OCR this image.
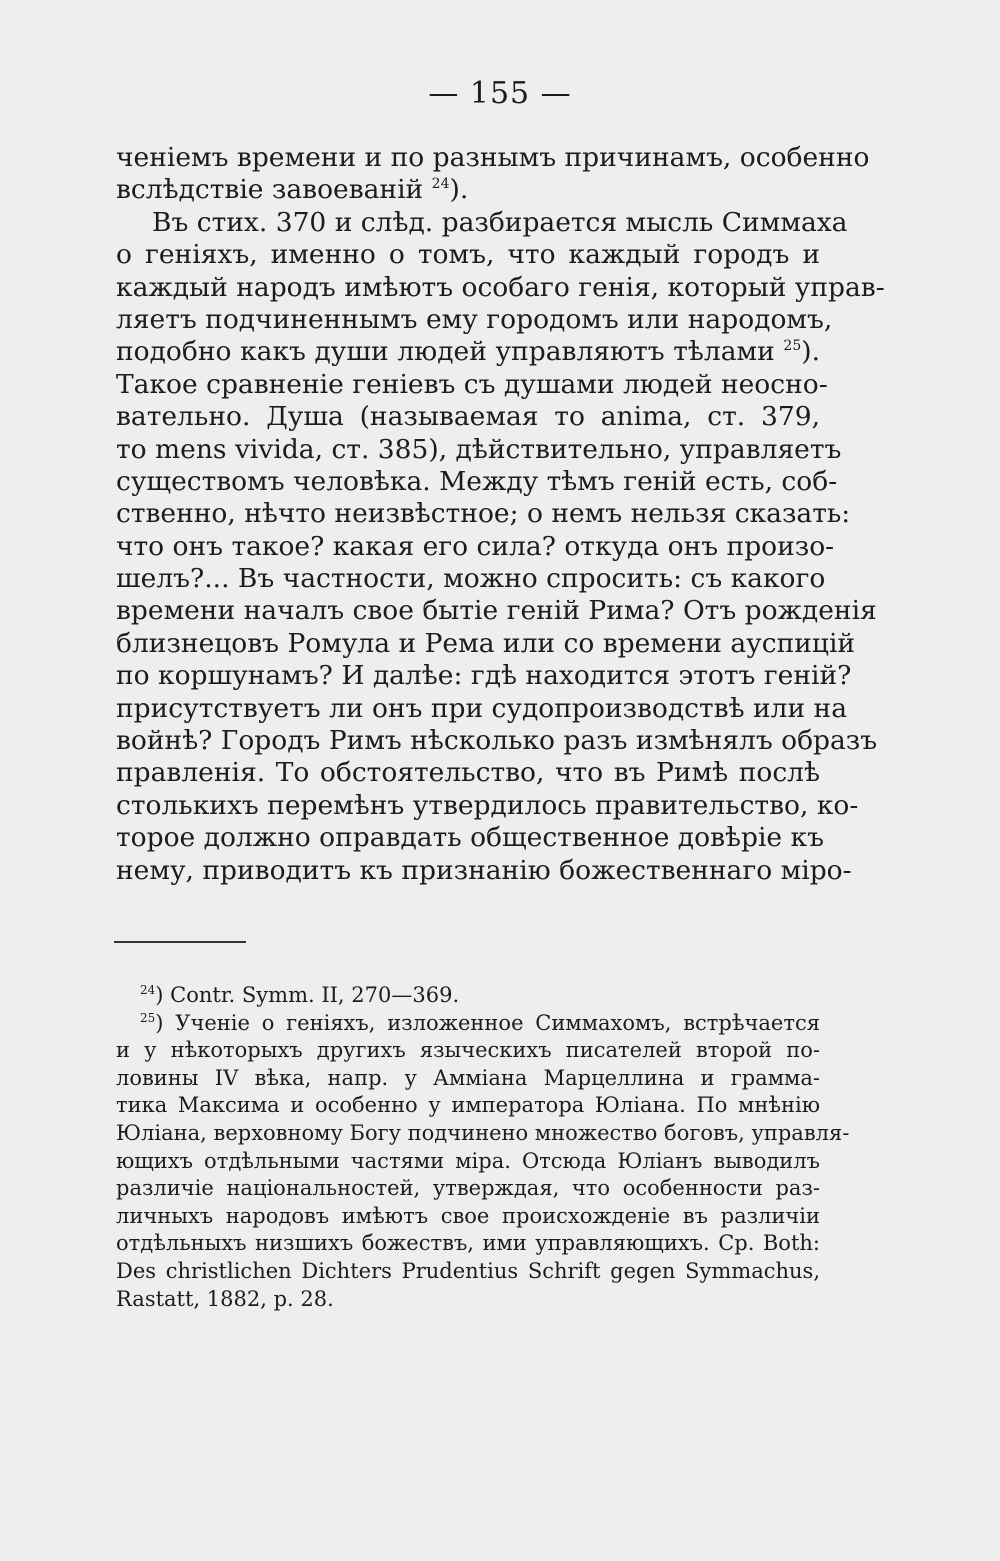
— 155 —
ченіемъ времени и по разнымъ причинамъ, особенно
вслѣдствіе завоеваній $^{24}$).
Въ стих. 370 и слѣд. разбирается мысль Симмаха
о геніяхъ, именно о томъ, что каждый городъ и
каждый народъ имѣютъ особаго генія, который управ-
ляетъ подчиненнымъ ему городомъ или народомъ,
подобно какъ души людей управляютъ тѣлами $^{25}$).
Такое сравненіе геніевъ съ душами людей неоснo-
вательно. Душа (называемая то anima, ст. 379,
то mens vivida, ст. 385), дѣйствительно, управляетъ
существомъ человѣка. Между тѣмъ геній есть, соб-
ственно, нѣчто неизвѣстное; о немъ нельзя сказать:
что онъ такое? какая его сила? откуда онъ произо-
шелъ?... Въ частности, можно спросить: съ какого
времени началъ свое бытіе геній Рима? Отъ рожденія
близнецовъ Ромула и Рема или со времени ауспицій
по коршунамъ? И далѣе: гдѣ находится этотъ геній?
присутствуетъ ли онъ при судопроизводствѣ или на
войнѣ? Городъ Римъ нѣсколько разъ измѣнялъ образъ
правленія. То обстоятельство, что въ Римѣ послѣ
столькихъ перемѣнъ утвердилось правительство, ко-
торое должно оправдать общественное довѣріе къ
нему, приводитъ къ признанію божественнаго міро-
$^{24}$) Contr. Symm. II, 270—369.
$^{25}$) Ученіе о геніяхъ, изложенное Симмахомъ, встрѣчается
и у нѣкоторыхъ другихъ языческихъ писателей второй по-
ловины IV вѣка, напр. у Амміана Марцеллина и грамма-
тика Максима и особенно у императора Юліана. По мнѣнію
Юліана, верховному Богу подчинено множество боговъ, управля-
ющихъ отдѣльными частями міра. Отсюда Юліанъ выводилъ
различіе національностей, утверждая, что особенности раз-
личныхъ народовъ имѣютъ свое происхожденіе въ различіи
отдѣльныхъ низшихъ божествъ, ими управляющихъ. Ср. Both:
Des christlichen Dichters Prudentius Schrift gegen Symmachus,
Rastatt, 1882, p. 28.
